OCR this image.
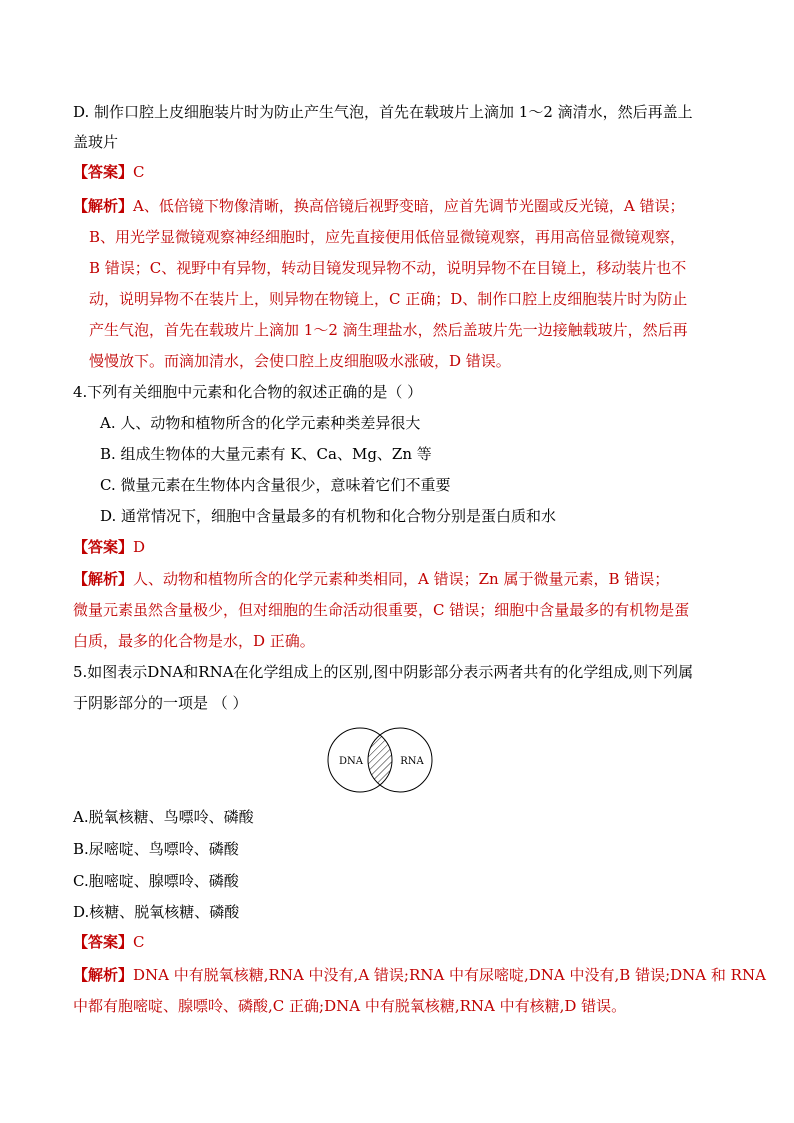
D. 制作口腔上皮细胞装片时为防止产生气泡，首先在载玻片上滴加 1～2 滴清水，然后再盖上
盖玻片
【答案】C
【解析】A、低倍镜下物像清晰，换高倍镜后视野变暗，应首先调节光圈或反光镜，A 错误；
B、用光学显微镜观察神经细胞时，应先直接便用低倍显微镜观察，再用高倍显微镜观察，
B 错误；C、视野中有异物，转动目镜发现异物不动，说明异物不在目镜上，移动装片也不
动，说明异物不在装片上，则异物在物镜上，C 正确；D、制作口腔上皮细胞装片时为防止
产生气泡，首先在载玻片上滴加 1～2 滴生理盐水，然后盖玻片先一边接触载玻片，然后再
慢慢放下。而滴加清水，会使口腔上皮细胞吸水涨破，D 错误。
4.下列有关细胞中元素和化合物的叙述正确的是（ ）
A. 人、动物和植物所含的化学元素种类差异很大
B. 组成生物体的大量元素有 K、Ca、Mg、Zn 等
C. 微量元素在生物体内含量很少，意味着它们不重要
D. 通常情况下，细胞中含量最多的有机物和化合物分别是蛋白质和水
【答案】D
【解析】人、动物和植物所含的化学元素种类相同，A 错误；Zn 属于微量元素，B 错误；
微量元素虽然含量极少，但对细胞的生命活动很重要，C 错误；细胞中含量最多的有机物是蛋
白质，最多的化合物是水，D 正确。
5.如图表示DNA和RNA在化学组成上的区别,图中阴影部分表示两者共有的化学组成,则下列属
于阴影部分的一项是 （ ）
DNA	RNA
A.脱氧核糖、鸟嘌呤、磷酸
B.尿嘧啶、鸟嘌呤、磷酸
C.胞嘧啶、腺嘌呤、磷酸
D.核糖、脱氧核糖、磷酸
【答案】C
【解析】DNA 中有脱氧核糖,RNA 中没有,A 错误;RNA 中有尿嘧啶,DNA 中没有,B 错误;DNA 和 RNA
中都有胞嘧啶、腺嘌呤、磷酸,C 正确;DNA 中有脱氧核糖,RNA 中有核糖,D 错误。
